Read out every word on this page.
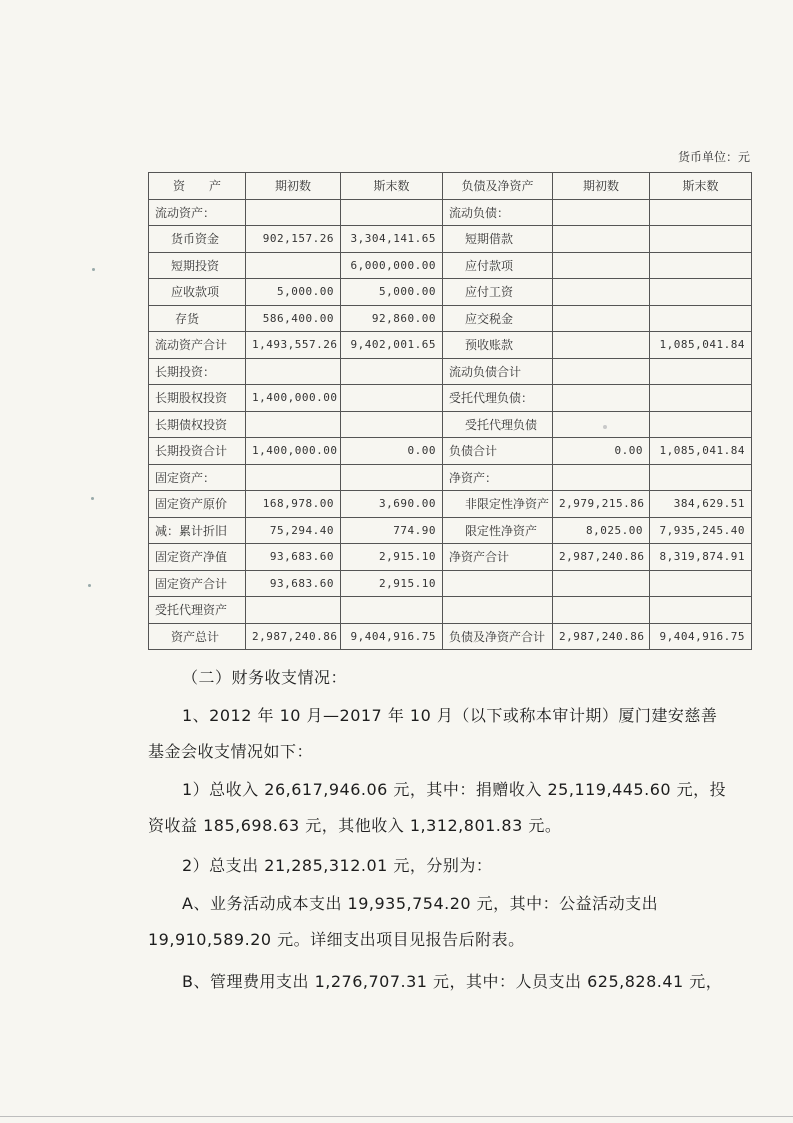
货币单位：元
资　　产	期初数	斯末数	负债及净资产	期初数	斯末数
流动资产：			流动负债：		
货币资金	902,157.26	3,304,141.65	短期借款		
短期投资		6,000,000.00	应付款项		
应收款项	5,000.00	5,000.00	应付工资		
存货	586,400.00	92,860.00	应交税金		
流动资产合计	1,493,557.26	9,402,001.65	预收账款		1,085,041.84
长期投资：			流动负债合计		
长期股权投资	1,400,000.00		受托代理负债：		
长期债权投资			受托代理负债		
长期投资合计	1,400,000.00	0.00	负债合计	0.00	1,085,041.84
固定资产：			净资产：		
固定资产原价	168,978.00	3,690.00	非限定性净资产	2,979,215.86	384,629.51
减：累计折旧	75,294.40	774.90	限定性净资产	8,025.00	7,935,245.40
固定资产净值	93,683.60	2,915.10	净资产合计	2,987,240.86	8,319,874.91
固定资产合计	93,683.60	2,915.10			
受托代理资产					
资产总计	2,987,240.86	9,404,916.75	负债及净资产合计	2,987,240.86	9,404,916.75
（二）财务收支情况：
1、2012 年 10 月—2017 年 10 月（以下或称本审计期）厦门建安慈善
基金会收支情况如下：
1）总收入 26,617,946.06 元，其中：捐赠收入 25,119,445.60 元，投
资收益 185,698.63 元，其他收入 1,312,801.83 元。
2）总支出 21,285,312.01 元，分别为：
A、业务活动成本支出 19,935,754.20 元，其中：公益活动支出
19,910,589.20 元。详细支出项目见报告后附表。
B、管理费用支出 1,276,707.31 元，其中：人员支出 625,828.41 元，
